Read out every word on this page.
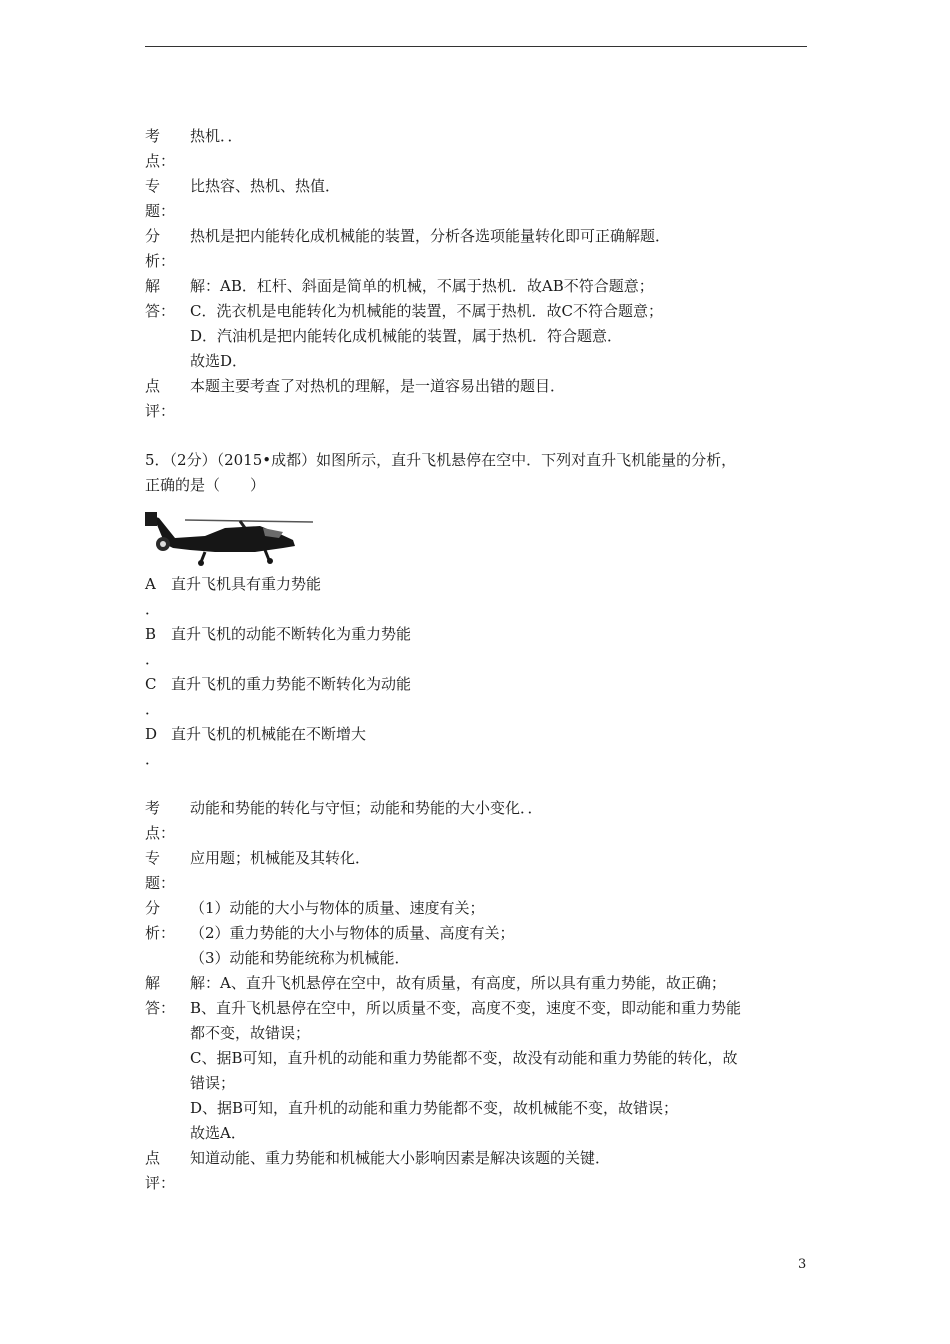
考
点：
热机．．
专
题：
比热容、热机、热值．
分
析：
热机是把内能转化成机械能的装置，分析各选项能量转化即可正确解题．
解
答：
解：AB．杠杆、斜面是简单的机械，不属于热机．故AB不符合题意；
C．洗衣机是电能转化为机械能的装置，不属于热机．故C不符合题意；
D．汽油机是把内能转化成机械能的装置，属于热机．符合题意．
故选D．
点
评：
本题主要考查了对热机的理解，是一道容易出错的题目．
5．（2分）（2015•成都）如图所示，直升飞机悬停在空中．下列对直升飞机能量的分析，
正确的是（　　）
A 直升飞机具有重力势能
．
B 直升飞机的动能不断转化为重力势能
．
C 直升飞机的重力势能不断转化为动能
．
D 直升飞机的机械能在不断增大
．
考
点：
动能和势能的转化与守恒；动能和势能的大小变化．．
专
题：
应用题；机械能及其转化．
分
析：
（1）动能的大小与物体的质量、速度有关；
（2）重力势能的大小与物体的质量、高度有关；
（3）动能和势能统称为机械能．
解
答：
解：A、直升飞机悬停在空中，故有质量，有高度，所以具有重力势能，故正确；
B、直升飞机悬停在空中，所以质量不变，高度不变，速度不变，即动能和重力势能
都不变，故错误；
C、据B可知，直升机的动能和重力势能都不变，故没有动能和重力势能的转化，故
错误；
D、据B可知，直升机的动能和重力势能都不变，故机械能不变，故错误；
故选A．
点
评：
知道动能、重力势能和机械能大小影响因素是解决该题的关键．
3
